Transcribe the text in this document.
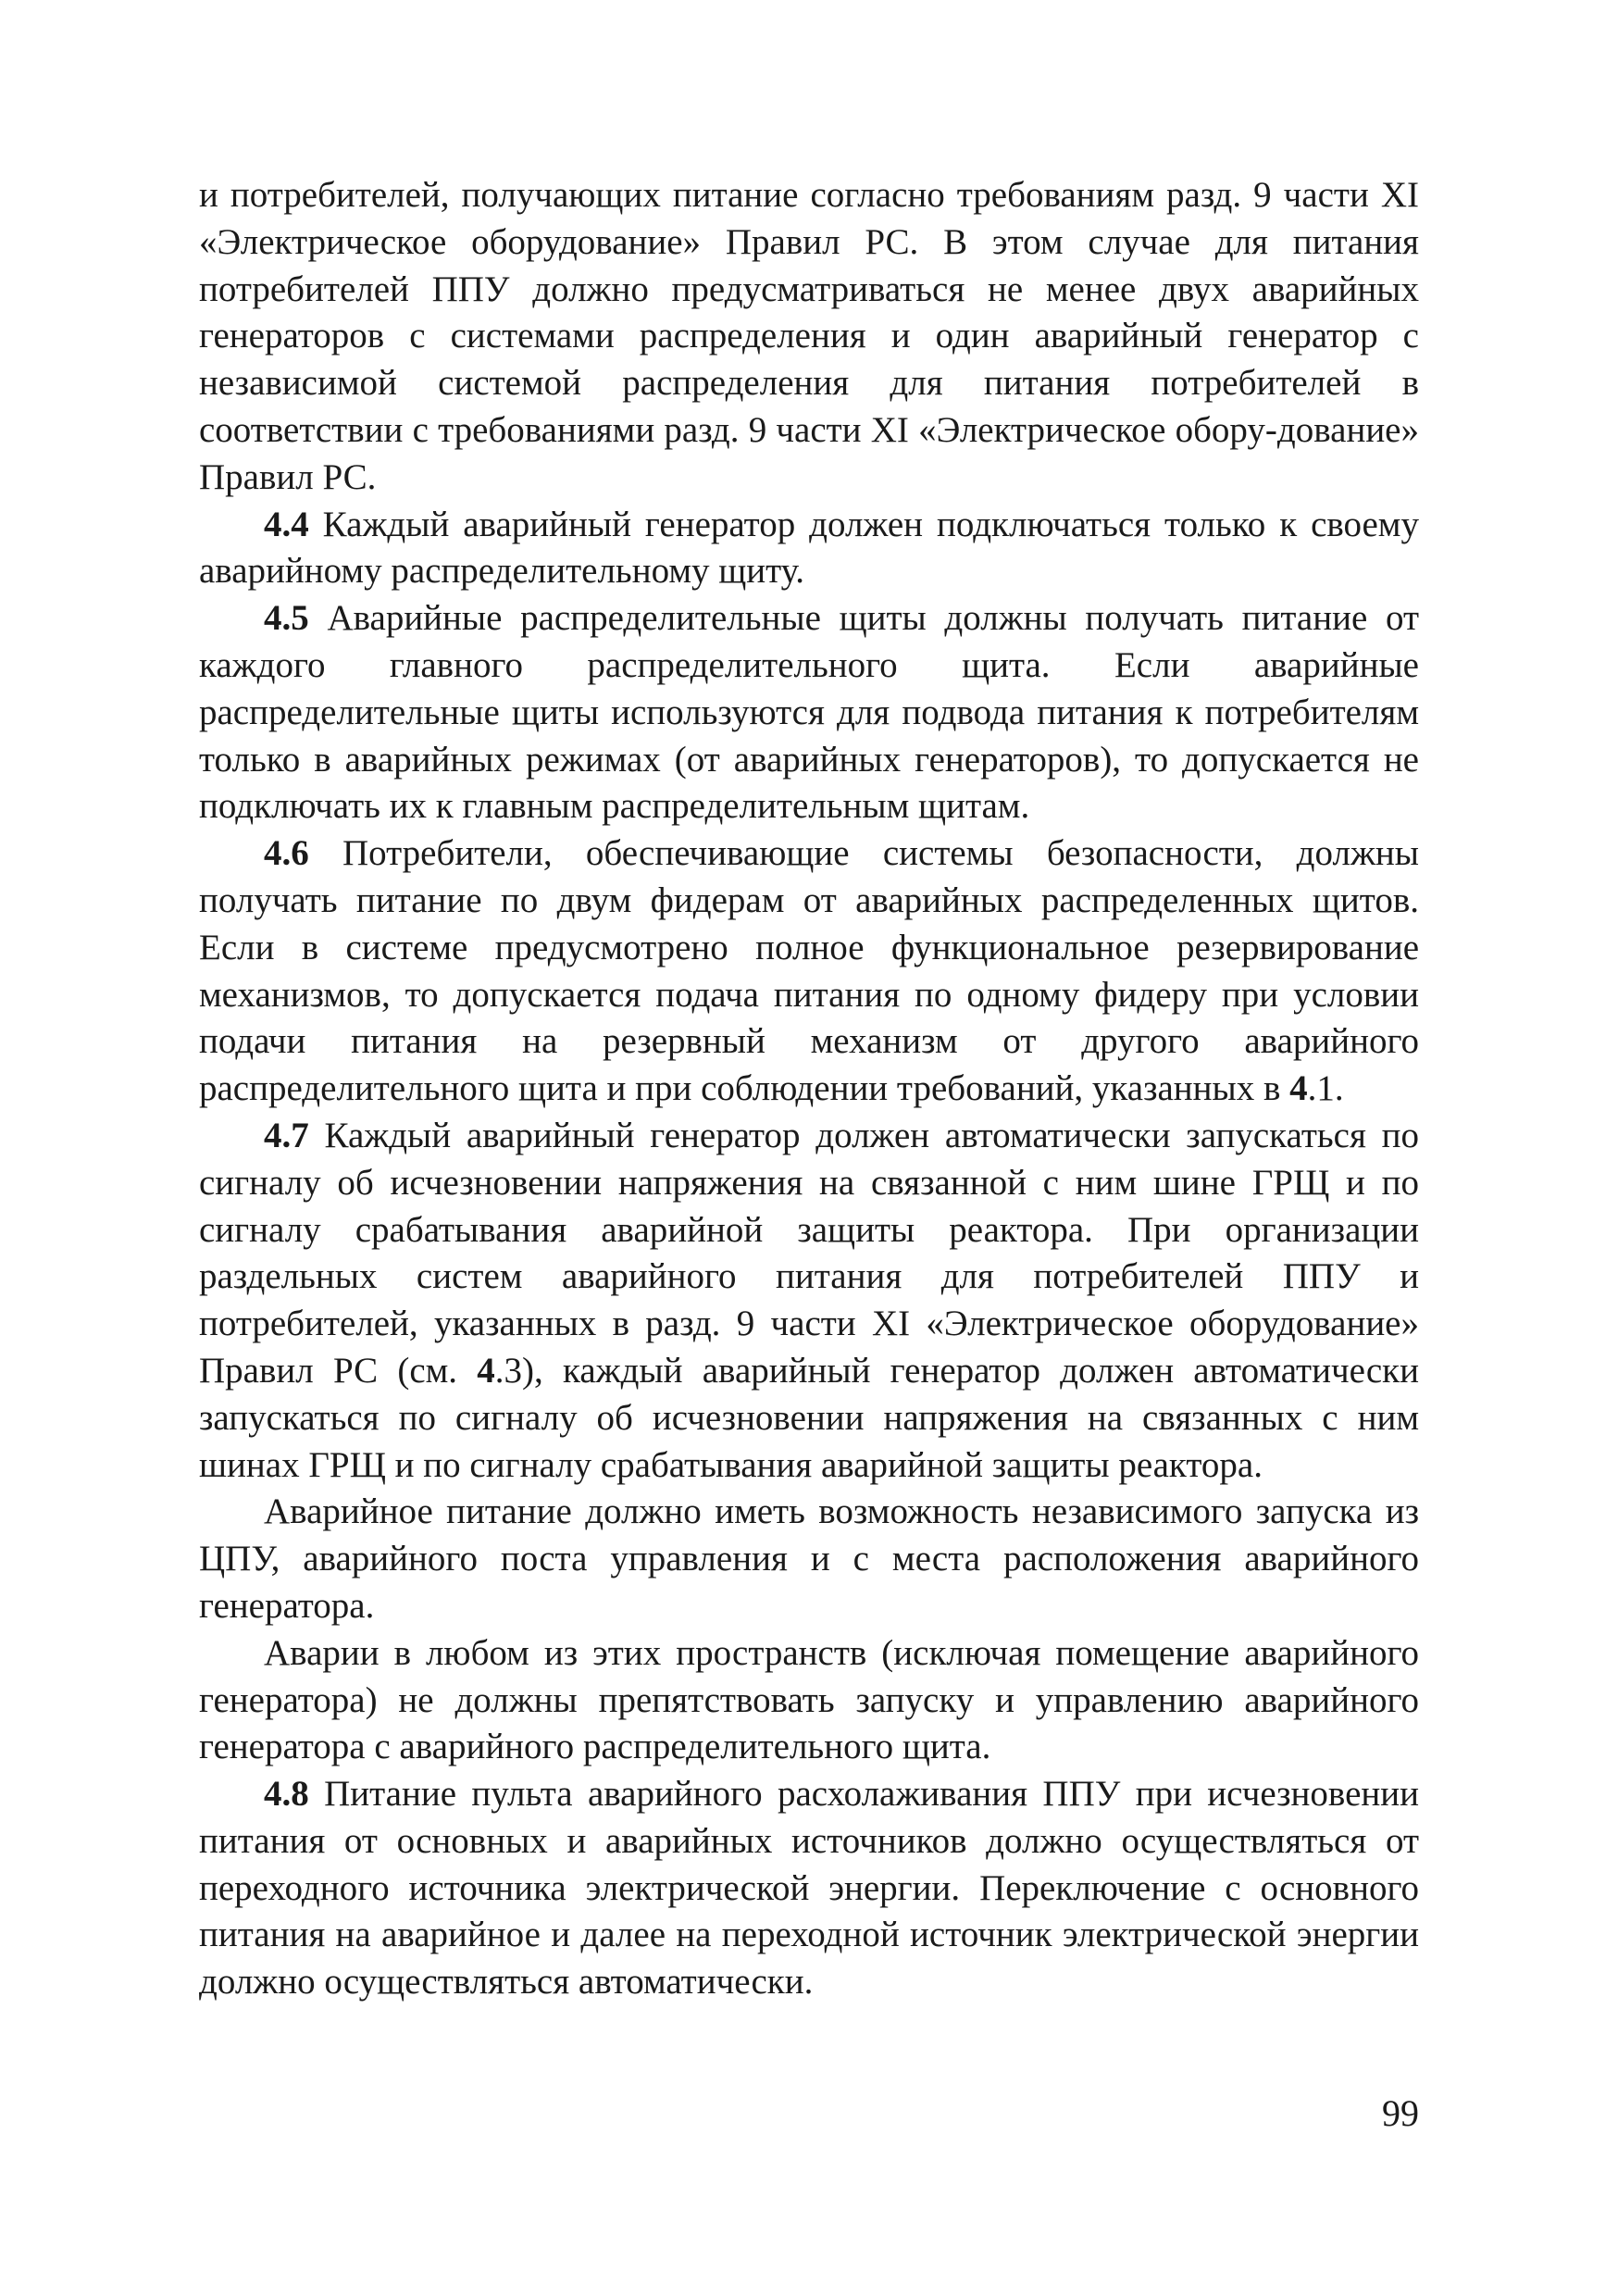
и потребителей, получающих питание согласно требованиям разд. 9 части XI «Электрическое оборудование» Правил РС. В этом случае для питания потребителей ППУ должно предусматриваться не менее двух аварийных генераторов с системами распределения и один аварийный генератор с независимой системой распределения для питания потребителей в соответствии с требованиями разд. 9 части XI «Электрическое обору-дование» Правил РС.

4.4 Каждый аварийный генератор должен подключаться только к своему аварийному распределительному щиту.

4.5 Аварийные распределительные щиты должны получать питание от каждого главного распределительного щита. Если аварийные распределительные щиты используются для подвода питания к потребителям только в аварийных режимах (от аварийных генераторов), то допускается не подключать их к главным распределительным щитам.

4.6 Потребители, обеспечивающие системы безопасности, должны получать питание по двум фидерам от аварийных распределенных щитов. Если в системе предусмотрено полное функциональное резервирование механизмов, то допускается подача питания по одному фидеру при условии подачи питания на резервный механизм от другого аварийного распределительного щита и при соблюдении требований, указанных в 4.1.

4.7 Каждый аварийный генератор должен автоматически запускаться по сигналу об исчезновении напряжения на связанной с ним шине ГРЩ и по сигналу срабатывания аварийной защиты реактора. При организации раздельных систем аварийного питания для потребителей ППУ и потребителей, указанных в разд. 9 части XI «Электрическое оборудование» Правил РС (см. 4.3), каждый аварийный генератор должен автоматически запускаться по сигналу об исчезновении напряжения на связанных с ним шинах ГРЩ и по сигналу срабатывания аварийной защиты реактора.

Аварийное питание должно иметь возможность независимого запуска из ЦПУ, аварийного поста управления и с места расположения аварийного генератора.

Аварии в любом из этих пространств (исключая помещение аварийного генератора) не должны препятствовать запуску и управлению аварийного генератора с аварийного распределительного щита.

4.8 Питание пульта аварийного расхолаживания ППУ при исчезновении питания от основных и аварийных источников должно осуществляться от переходного источника электрической энергии. Переключение с основного питания на аварийное и далее на переходной источник электрической энергии должно осуществляться автоматически.

99
